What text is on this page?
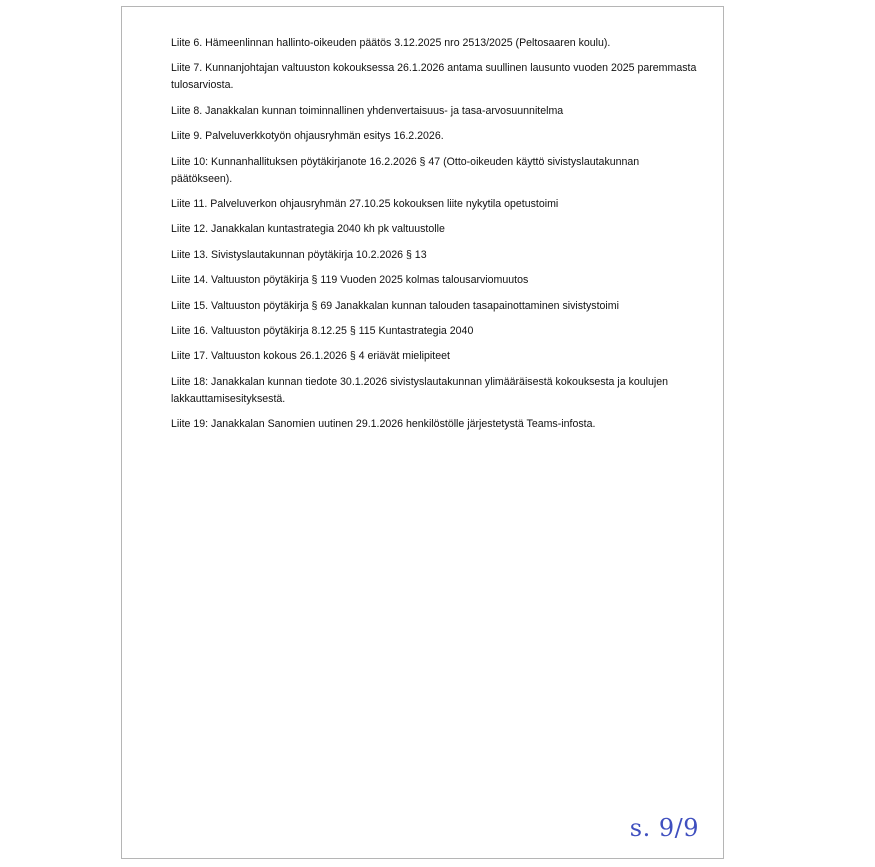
Liite 6. Hämeenlinnan hallinto-oikeuden päätös 3.12.2025 nro 2513/2025 (Peltosaaren koulu).
Liite 7. Kunnanjohtajan valtuuston kokouksessa 26.1.2026 antama suullinen lausunto vuoden 2025 paremmasta tulosarviosta.
Liite 8. Janakkalan kunnan toiminnallinen yhdenvertaisuus- ja tasa-arvosuunnitelma
Liite 9. Palveluverkkotyön ohjausryhmän esitys 16.2.2026.
Liite 10: Kunnanhallituksen pöytäkirjanote 16.2.2026 § 47 (Otto-oikeuden käyttö sivistyslautakunnan päätökseen).
Liite 11. Palveluverkon ohjausryhmän 27.10.25 kokouksen liite nykytila opetustoimi
Liite 12. Janakkalan kuntastrategia 2040 kh pk valtuustolle
Liite 13. Sivistyslautakunnan pöytäkirja 10.2.2026 § 13
Liite 14. Valtuuston pöytäkirja § 119 Vuoden 2025 kolmas talousarviomuutos
Liite 15. Valtuuston pöytäkirja § 69 Janakkalan kunnan talouden tasapainottaminen sivistystoimi
Liite 16. Valtuuston pöytäkirja 8.12.25 § 115 Kuntastrategia 2040
Liite 17. Valtuuston kokous 26.1.2026 § 4 eriävät mielipiteet
Liite 18: Janakkalan kunnan tiedote 30.1.2026 sivistyslautakunnan ylimääräisestä kokouksesta ja koulujen lakkauttamisesityksestä.
Liite 19: Janakkalan Sanomien uutinen 29.1.2026 henkilöstölle järjestetystä Teams-infosta.
s. 9/9
